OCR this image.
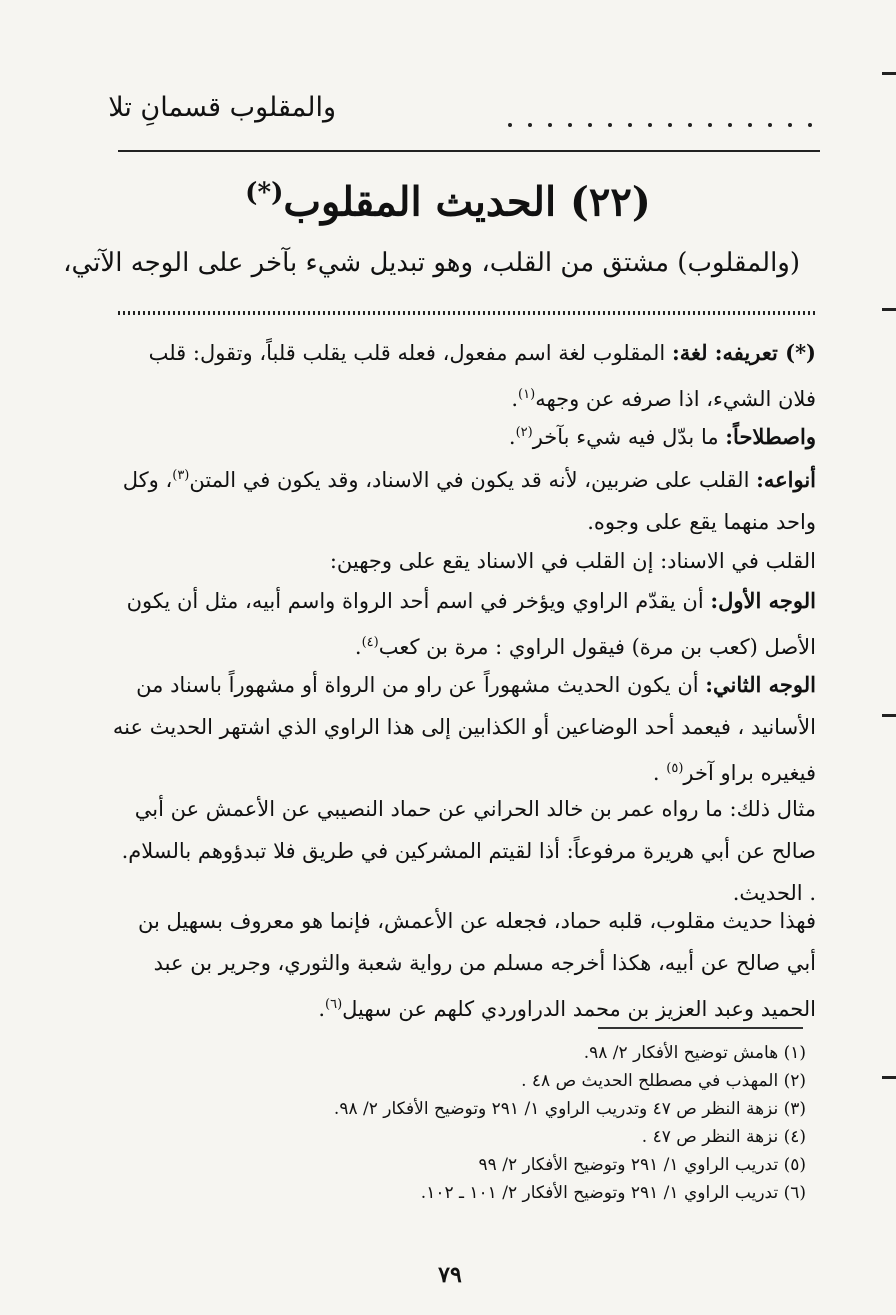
والمقلوب قسمانِ تلا
(٢٢) الحديث المقلوب(*)
(والمقلوب) مشتق من القلب، وهو تبديل شيء بآخر على الوجه الآتي،
(*) تعريفه: لغة: المقلوب لغة اسم مفعول، فعله قلب يقلب قلباً، وتقول: قلب فلان الشيء، اذا صرفه عن وجهه$^{(١)}$.
واصطلاحاً: ما بدّل فيه شيء بآخر$^{(٢)}$.
أنواعه: القلب على ضربين، لأنه قد يكون في الاسناد، وقد يكون في المتن$^{(٣)}$، وكل واحد منهما يقع على وجوه.
القلب في الاسناد: إن القلب في الاسناد يقع على وجهين:
الوجه الأول: أن يقدّم الراوي ويؤخر في اسم أحد الرواة واسم أبيه، مثل أن يكون الأصل (كعب بن مرة) فيقول الراوي : مرة بن كعب$^{(٤)}$.
الوجه الثاني: أن يكون الحديث مشهوراً عن راو من الرواة أو مشهوراً باسناد من الأسانيد ، فيعمد أحد الوضاعين أو الكذابين إلى هذا الراوي الذي اشتهر الحديث عنه فيغيره براو آخر$^{(٥)}$ .
مثال ذلك: ما رواه عمر بن خالد الحراني عن حماد النصيبي عن الأعمش عن أبي صالح عن أبي هريرة مرفوعاً: أذا لقيتم المشركين في طريق فلا تبدؤوهم بالسلام. . الحديث.
فهذا حديث مقلوب، قلبه حماد، فجعله عن الأعمش، فإنما هو معروف بسهيل بن أبي صالح عن أبيه، هكذا أخرجه مسلم من رواية شعبة والثوري، وجرير بن عبد الحميد وعبد العزيز بن محمد الدراوردي كلهم عن سهيل$^{(٦)}$.
(١) هامش توضيح الأفكار ٢/ ٩٨.
(٢) المهذب في مصطلح الحديث ص ٤٨ .
(٣) نزهة النظر ص ٤٧ وتدريب الراوي ١/ ٢٩١ وتوضيح الأفكار ٢/ ٩٨.
(٤) نزهة النظر ص ٤٧ .
(٥) تدريب الراوي ١/ ٢٩١ وتوضيح الأفكار ٢/ ٩٩
(٦) تدريب الراوي ١/ ٢٩١ وتوضيح الأفكار ٢/ ١٠١ ـ ١٠٢.
٧٩
